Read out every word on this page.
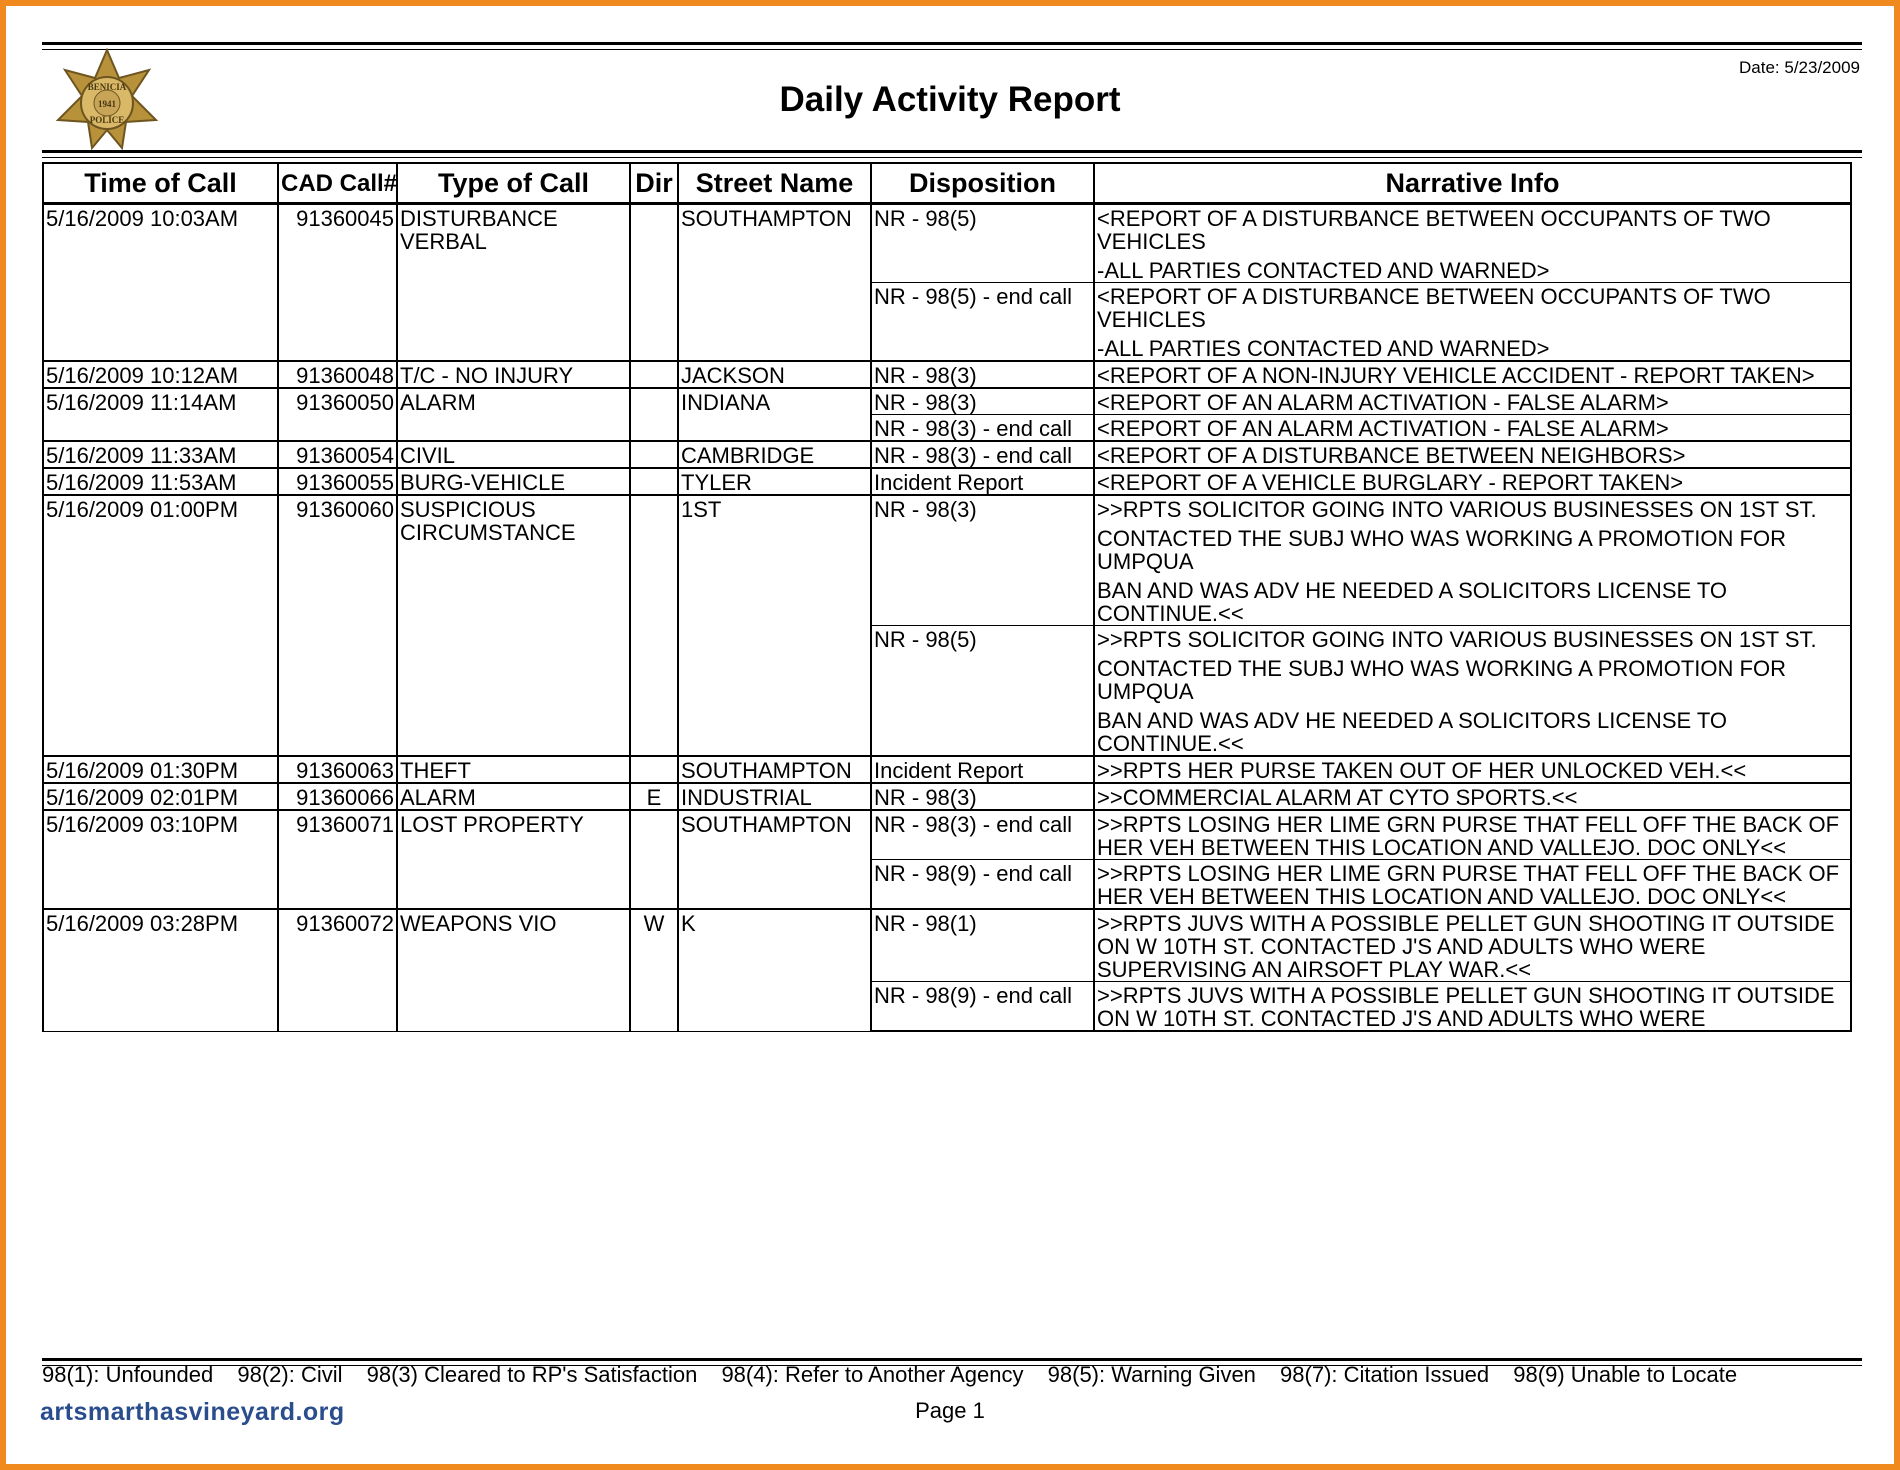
BENICIA
1941
POLICE
Daily Activity Report
Date: 5/23/2009
Time of Call	CAD Call#	Type of Call	Dir	Street Name	Disposition	Narrative Info
5/16/2009 10:03AM	91360045	DISTURBANCE VERBAL		SOUTHAMPTON	NR - 98(5)	<REPORT OF A DISTURBANCE BETWEEN OCCUPANTS OF TWO VEHICLES
-ALL PARTIES CONTACTED AND WARNED>

					NR - 98(5) - end call	<REPORT OF A DISTURBANCE BETWEEN OCCUPANTS OF TWO VEHICLES
-ALL PARTIES CONTACTED AND WARNED>

5/16/2009 10:12AM	91360048	T/C - NO INJURY		JACKSON	NR - 98(3)	<REPORT OF A NON-INJURY VEHICLE ACCIDENT - REPORT TAKEN>

5/16/2009 11:14AM	91360050	ALARM		INDIANA	NR - 98(3)	<REPORT OF AN ALARM ACTIVATION - FALSE ALARM>

					NR - 98(3) - end call	<REPORT OF AN ALARM ACTIVATION - FALSE ALARM>

5/16/2009 11:33AM	91360054	CIVIL		CAMBRIDGE	NR - 98(3) - end call	<REPORT OF A DISTURBANCE BETWEEN NEIGHBORS>

5/16/2009 11:53AM	91360055	BURG-VEHICLE		TYLER	Incident Report	<REPORT OF A VEHICLE BURGLARY - REPORT TAKEN>

5/16/2009 01:00PM	91360060	SUSPICIOUS CIRCUMSTANCE		1ST	NR - 98(3)	>>RPTS SOLICITOR GOING INTO VARIOUS BUSINESSES ON 1ST ST.
CONTACTED THE SUBJ WHO WAS WORKING A PROMOTION FOR UMPQUA
BAN AND WAS ADV HE NEEDED A SOLICITORS LICENSE TO CONTINUE.<<

					NR - 98(5)	>>RPTS SOLICITOR GOING INTO VARIOUS BUSINESSES ON 1ST ST.
CONTACTED THE SUBJ WHO WAS WORKING A PROMOTION FOR UMPQUA
BAN AND WAS ADV HE NEEDED A SOLICITORS LICENSE TO CONTINUE.<<

5/16/2009 01:30PM	91360063	THEFT		SOUTHAMPTON	Incident Report	>>RPTS HER PURSE TAKEN OUT OF HER UNLOCKED VEH.<<

5/16/2009 02:01PM	91360066	ALARM	E	INDUSTRIAL	NR - 98(3)	>>COMMERCIAL ALARM AT CYTO SPORTS.<<

5/16/2009 03:10PM	91360071	LOST PROPERTY		SOUTHAMPTON	NR - 98(3) - end call	>>RPTS LOSING HER LIME GRN PURSE THAT FELL OFF THE BACK OF HER VEH BETWEEN THIS LOCATION AND VALLEJO. DOC ONLY<<

					NR - 98(9) - end call	>>RPTS LOSING HER LIME GRN PURSE THAT FELL OFF THE BACK OF HER VEH BETWEEN THIS LOCATION AND VALLEJO. DOC ONLY<<

5/16/2009 03:28PM	91360072	WEAPONS VIO	W	K	NR - 98(1)	>>RPTS JUVS WITH A POSSIBLE PELLET GUN SHOOTING IT OUTSIDE ON W 10TH ST. CONTACTED J'S AND ADULTS WHO WERE SUPERVISING AN AIRSOFT PLAY WAR.<<

					NR - 98(9) - end call	>>RPTS JUVS WITH A POSSIBLE PELLET GUN SHOOTING IT OUTSIDE ON W 10TH ST. CONTACTED J'S AND ADULTS WHO WERE
98(1): Unfounded 98(2): Civil 98(3) Cleared to RP's Satisfaction 98(4): Refer to Another Agency 98(5): Warning Given 98(7): Citation Issued 98(9) Unable to Locate
artsmarthasvineyard.org	Page 1
